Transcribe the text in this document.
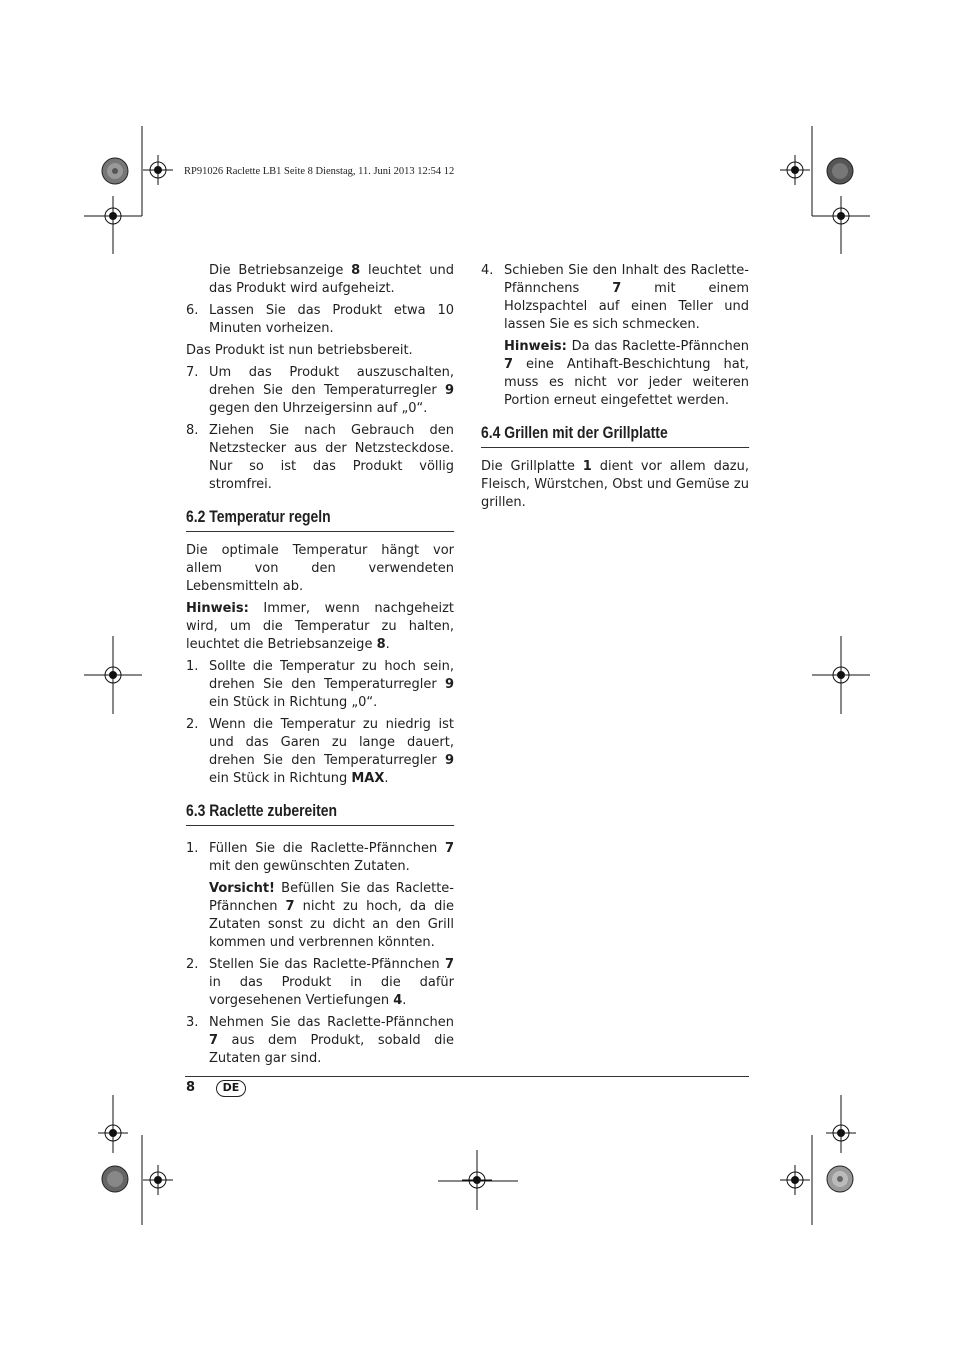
RP91026 Raclette LB1 Seite 8 Dienstag, 11. Juni 2013 12:54 12

Die Betriebsanzeige 8 leuchtet und das Produkt wird aufgeheizt.

6. Lassen Sie das Produkt etwa 10 Minuten vorheizen.

Das Produkt ist nun betriebsbereit.

7. Um das Produkt auszuschalten, drehen Sie den Temperaturregler 9 gegen den Uhrzeigersinn auf „0“.
8. Ziehen Sie nach Gebrauch den Netzstecker aus der Netzsteckdose. Nur so ist das Produkt völlig stromfrei.
6.2 Temperatur regeln

Die optimale Temperatur hängt vor allem von den verwendeten Lebensmitteln ab.

Hinweis: Immer, wenn nachgeheizt wird, um die Temperatur zu halten, leuchtet die Betriebsanzeige 8.

1. Sollte die Temperatur zu hoch sein, drehen Sie den Temperaturregler 9 ein Stück in Richtung „0“.
2. Wenn die Temperatur zu niedrig ist und das Garen zu lange dauert, drehen Sie den Temperaturregler 9 ein Stück in Richtung MAX.
6.3 Raclette zubereiten
1. Füllen Sie die Raclette-Pfännchen 7 mit den gewünschten Zutaten.

Vorsicht! Befüllen Sie das Raclette-Pfännchen 7 nicht zu hoch, da die Zutaten sonst zu dicht an den Grill kommen und verbrennen könnten.

2. Stellen Sie das Raclette-Pfännchen 7 in das Produkt in die dafür vorgesehenen Vertiefungen 4.
3. Nehmen Sie das Raclette-Pfännchen 7 aus dem Produkt, sobald die Zutaten gar sind.
4. Schieben Sie den Inhalt des Raclette-Pfännchens 7 mit einem Holzspachtel auf einen Teller und lassen Sie es sich schmecken.

Hinweis: Da das Raclette-Pfännchen 7 eine Antihaft-Beschichtung hat, muss es nicht vor jeder weiteren Portion erneut eingefettet werden.

6.4 Grillen mit der Grillplatte

Die Grillplatte 1 dient vor allem dazu, Fleisch, Würstchen, Obst und Gemüse zu grillen.

8	DE
